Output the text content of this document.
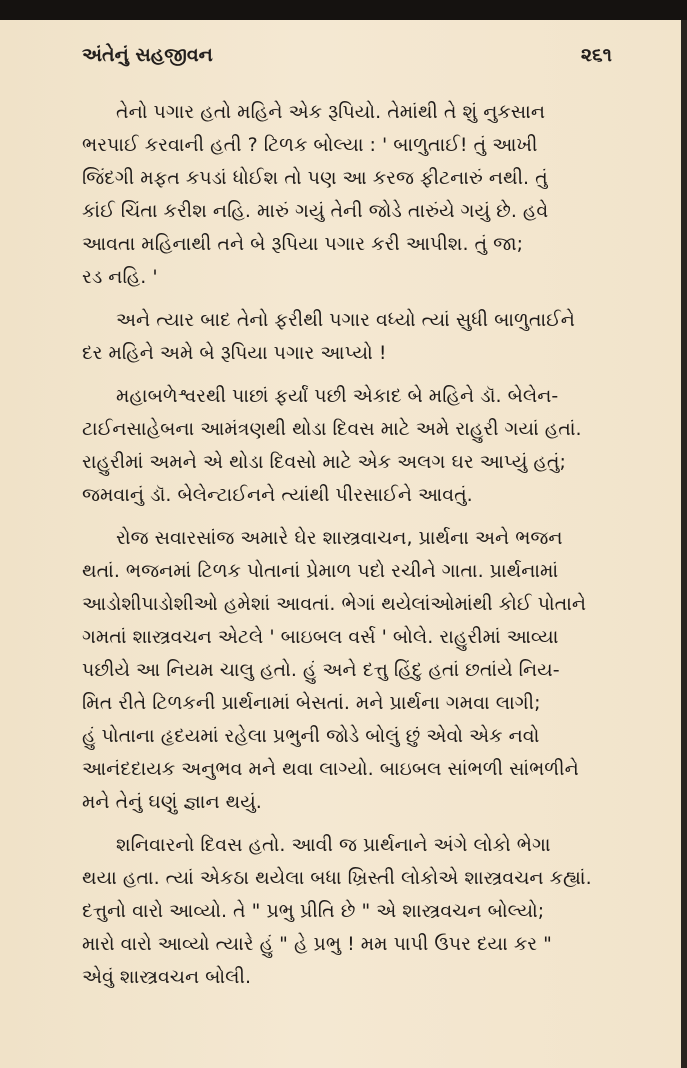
અંતેનું સહજીવન	૨૬૧

તેનો પગાર હતો મહિને એક રૂપિયો. તેમાંથી તે શું નુકસાન
ભરપાઈ કરવાની હતી ? ટિળક બોલ્યા : ' બાળુતાઈ! તું આખી
જિંદગી મફત કપડાં ધોઈશ તો પણ આ કરજ ફીટનારું નથી. તું
કાંઈ ચિંતા કરીશ નહિ. મારું ગયું તેની જોડે તારુંયે ગયું છે. હવે
આવતા મહિનાથી તને બે રૂપિયા પગાર કરી આપીશ. તું જા;
રડ નહિ. '

અને ત્યાર બાદ તેનો ફરીથી પગાર વધ્યો ત્યાં સુધી બાળુતાઈને
દર મહિને અમે બે રૂપિયા પગાર આપ્યો !

મહાબળેશ્વરથી પાછાં ફર્યાં પછી એકાદ બે મહિને ડૉ. બેલેન-
ટાઈનસાહેબના આમંત્રણથી થોડા દિવસ માટે અમે રાહુરી ગયાં હતાં.
રાહુરીમાં અમને એ થોડા દિવસો માટે એક અલગ ઘર આપ્યું હતું;
જમવાનું ડૉ. બેલેન્ટાઈનને ત્યાંથી પીરસાઈને આવતું.

રોજ સવારસાંજ અમારે ઘેર શાસ્ત્રવાચન, પ્રાર્થના અને ભજન
થતાં. ભજનમાં ટિળક પોતાનાં પ્રેમાળ પદો રચીને ગાતા. પ્રાર્થનામાં
આડોશીપાડોશીઓ હમેશાં આવતાં. ભેગાં થયેલાંઓમાંથી કોઈ પોતાને
ગમતાં શાસ્ત્રવચન એટલે ' બાઇબલ વર્સ ' બોલે. રાહુરીમાં આવ્યા
પછીયે આ નિયમ ચાલુ હતો. હું અને દત્તુ હિંદુ હતાં છતાંયે નિય-
મિત રીતે ટિળકની પ્રાર્થનામાં બેસતાં. મને પ્રાર્થના ગમવા લાગી;
હું પોતાના હૃદયમાં રહેલા પ્રભુની જોડે બોલું છું એવો એક નવો
આનંદદાયક અનુભવ મને થવા લાગ્યો. બાઇબલ સાંભળી સાંભળીને
મને તેનું ઘણું જ્ઞાન થયું.

શનિવારનો દિવસ હતો. આવી જ પ્રાર્થનાને અંગે લોકો ભેગા
થયા હતા. ત્યાં એકઠા થયેલા બધા ખ્રિસ્તી લોકોએ શાસ્ત્રવચન કહ્યાં.
દત્તુનો વારો આવ્યો. તે " પ્રભુ પ્રીતિ છે " એ શાસ્ત્રવચન બોલ્યો;
મારો વારો આવ્યો ત્યારે હું " હે પ્રભુ ! મમ પાપી ઉપર દયા કર "
એવું શાસ્ત્રવચન બોલી.
